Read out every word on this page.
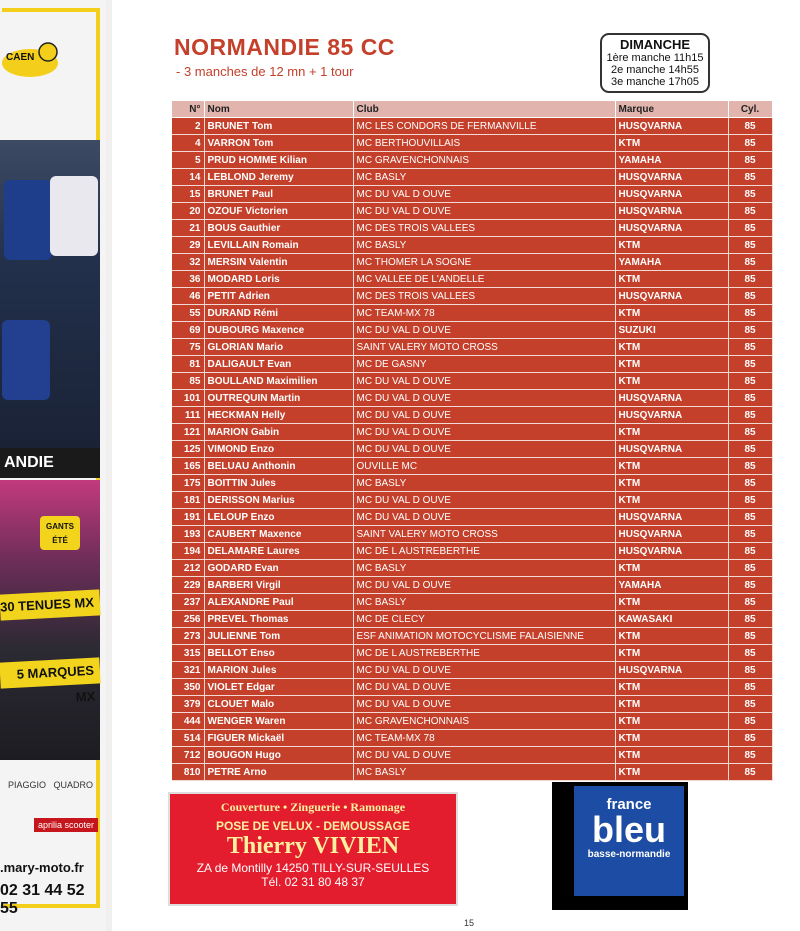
CAEN
ANDIE
GANTS ÉTÉ
30 TENUES MX
5 MARQUES MX
PIAGGIO QUADRO
aprilia scooter
.mary-moto.fr
02 31 44 52 55
NORMANDIE 85 CC
- 3 manches de 12 mn + 1 tour
DIMANCHE
1ère manche 11h15
2e manche 14h55
3e manche 17h05
N°	Nom	Club	Marque	Cyl.
2	BRUNET Tom	MC LES CONDORS DE FERMANVILLE	HUSQVARNA	85
4	VARRON Tom	MC BERTHOUVILLAIS	KTM	85
5	PRUD HOMME Kilian	MC GRAVENCHONNAIS	YAMAHA	85
14	LEBLOND Jeremy	MC BASLY	HUSQVARNA	85
15	BRUNET Paul	MC DU VAL D OUVE	HUSQVARNA	85
20	OZOUF Victorien	MC DU VAL D OUVE	HUSQVARNA	85
21	BOUS Gauthier	MC DES TROIS VALLEES	HUSQVARNA	85
29	LEVILLAIN Romain	MC BASLY	KTM	85
32	MERSIN Valentin	MC THOMER LA SOGNE	YAMAHA	85
36	MODARD Loris	MC VALLEE DE L'ANDELLE	KTM	85
46	PETIT Adrien	MC DES TROIS VALLEES	HUSQVARNA	85
55	DURAND Rémi	MC TEAM-MX 78	KTM	85
69	DUBOURG Maxence	MC DU VAL D OUVE	SUZUKI	85
75	GLORIAN Mario	SAINT VALERY MOTO CROSS	KTM	85
81	DALIGAULT Evan	MC DE GASNY	KTM	85
85	BOULLAND Maximilien	MC DU VAL D OUVE	KTM	85
101	OUTREQUIN Martin	MC DU VAL D OUVE	HUSQVARNA	85
111	HECKMAN Helly	MC DU VAL D OUVE	HUSQVARNA	85
121	MARION Gabin	MC DU VAL D OUVE	KTM	85
125	VIMOND Enzo	MC DU VAL D OUVE	HUSQVARNA	85
165	BELUAU Anthonin	OUVILLE MC	KTM	85
175	BOITTIN Jules	MC BASLY	KTM	85
181	DERISSON Marius	MC DU VAL D OUVE	KTM	85
191	LELOUP Enzo	MC DU VAL D OUVE	HUSQVARNA	85
193	CAUBERT Maxence	SAINT VALERY MOTO CROSS	HUSQVARNA	85
194	DELAMARE Laures	MC DE L AUSTREBERTHE	HUSQVARNA	85
212	GODARD Evan	MC BASLY	KTM	85
229	BARBERI Virgil	MC DU VAL D OUVE	YAMAHA	85
237	ALEXANDRE Paul	MC BASLY	KTM	85
256	PREVEL Thomas	MC DE CLECY	KAWASAKI	85
273	JULIENNE Tom	ESF ANIMATION MOTOCYCLISME FALAISIENNE	KTM	85
315	BELLOT Enso	MC DE L AUSTREBERTHE	KTM	85
321	MARION Jules	MC DU VAL D OUVE	HUSQVARNA	85
350	VIOLET Edgar	MC DU VAL D OUVE	KTM	85
379	CLOUET Malo	MC DU VAL D OUVE	KTM	85
444	WENGER Waren	MC GRAVENCHONNAIS	KTM	85
514	FIGUER Mickaël	MC TEAM-MX 78	KTM	85
712	BOUGON Hugo	MC DU VAL D OUVE	KTM	85
810	PETRE Arno	MC BASLY	KTM	85
Couverture • Zinguerie • Ramonage
POSE DE VELUX - DEMOUSSAGE
Thierry VIVIEN
ZA de Montilly 14250 TILLY-SUR-SEULLES
Tél. 02 31 80 48 37
france
bleu
basse-normandie
15
